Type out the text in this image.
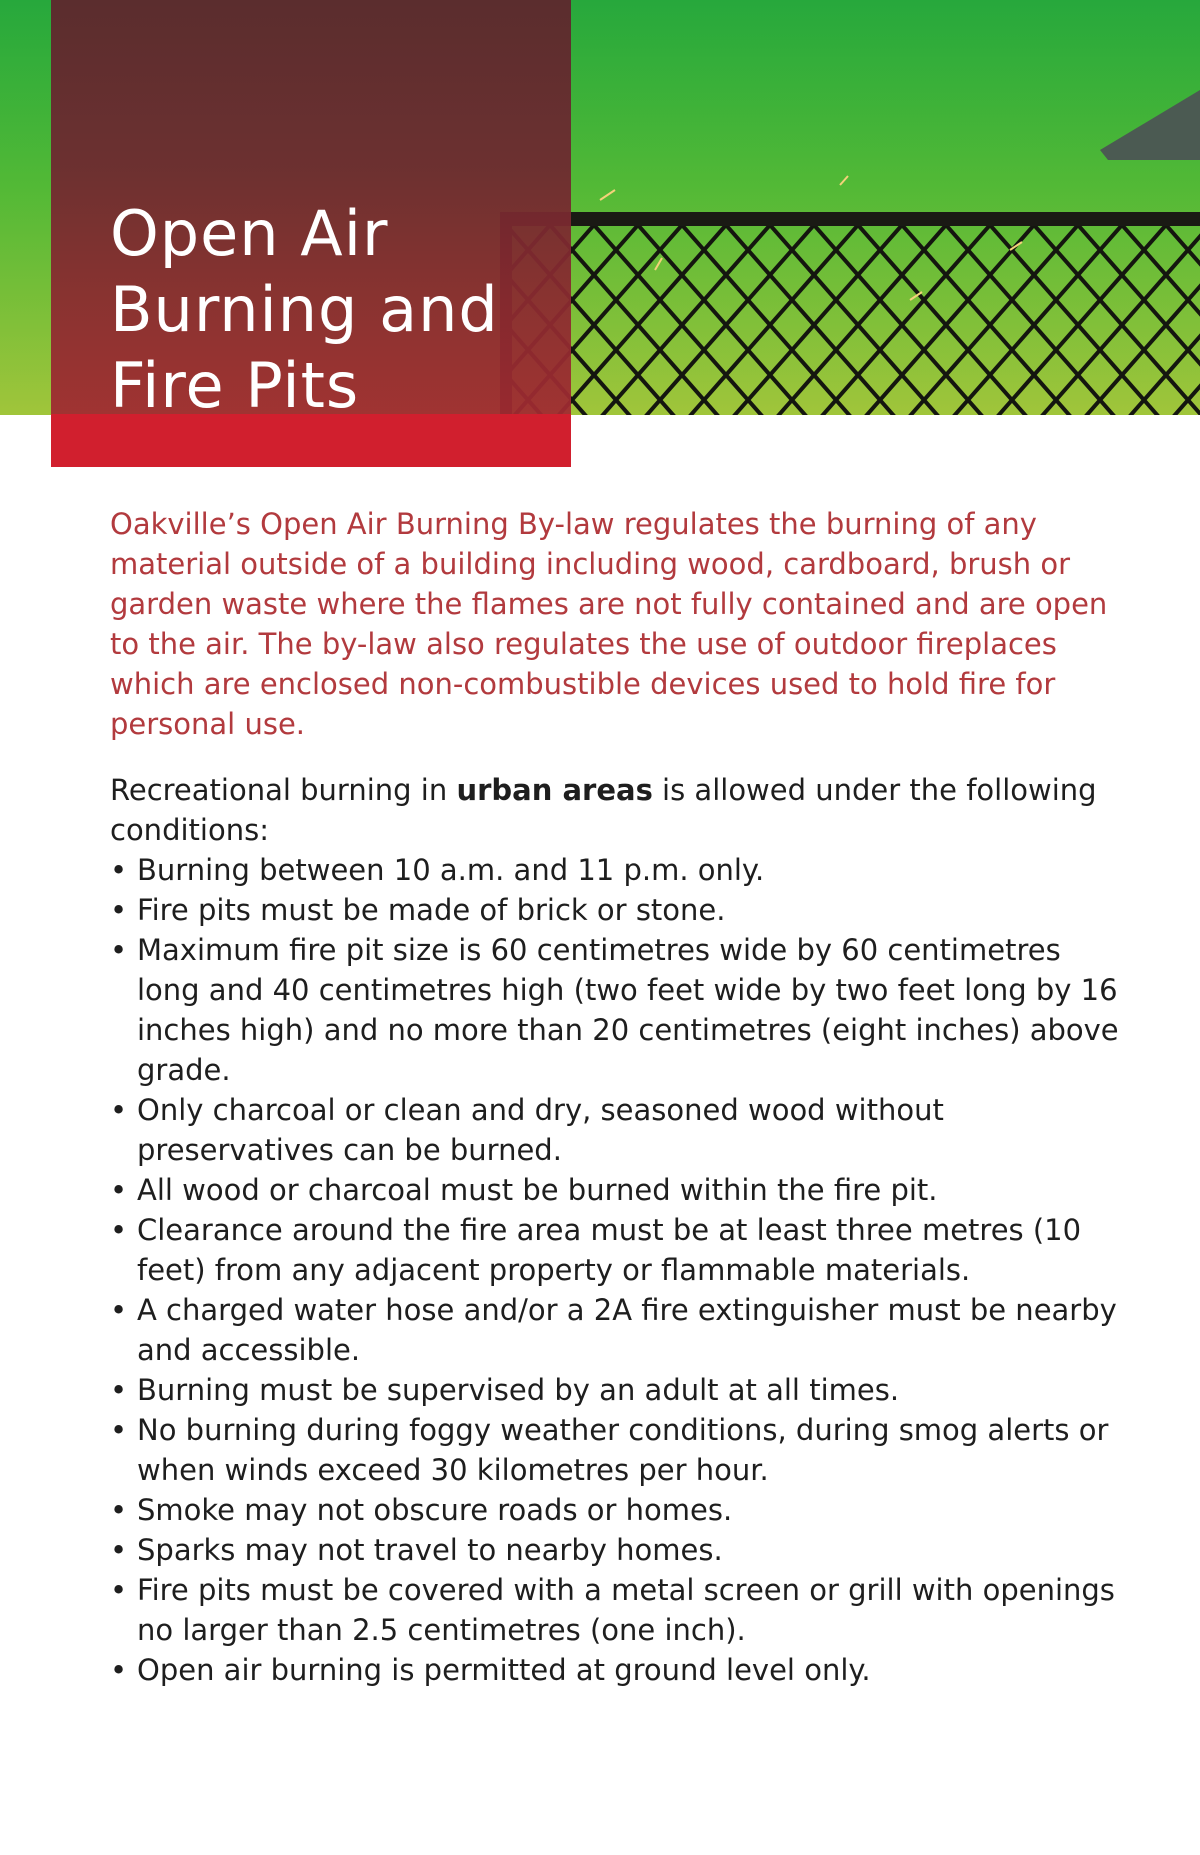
Open Air
Burning and
Fire Pits

Oakville’s Open Air Burning By-law regulates the burning of any material outside of a building including wood, cardboard, brush or garden waste where the flames are not fully contained and are open to the air. The by-law also regulates the use of outdoor fireplaces which are enclosed non-combustible devices used to hold fire for personal use.

Recreational burning in urban areas is allowed under the following conditions:

• Burning between 10 a.m. and 11 p.m. only.
• Fire pits must be made of brick or stone.
• Maximum fire pit size is 60 centimetres wide by 60 centimetres long and 40 centimetres high (two feet wide by two feet long by 16 inches high) and no more than 20 centimetres (eight inches) above grade.
• Only charcoal or clean and dry, seasoned wood without preservatives can be burned.
• All wood or charcoal must be burned within the fire pit.
• Clearance around the fire area must be at least three metres (10 feet) from any adjacent property or flammable materials.
• A charged water hose and/or a 2A fire extinguisher must be nearby and accessible.
• Burning must be supervised by an adult at all times.
• No burning during foggy weather conditions, during smog alerts or when winds exceed 30 kilometres per hour.
• Smoke may not obscure roads or homes.
• Sparks may not travel to nearby homes.
• Fire pits must be covered with a metal screen or grill with openings no larger than 2.5 centimetres (one inch).
• Open air burning is permitted at ground level only.
